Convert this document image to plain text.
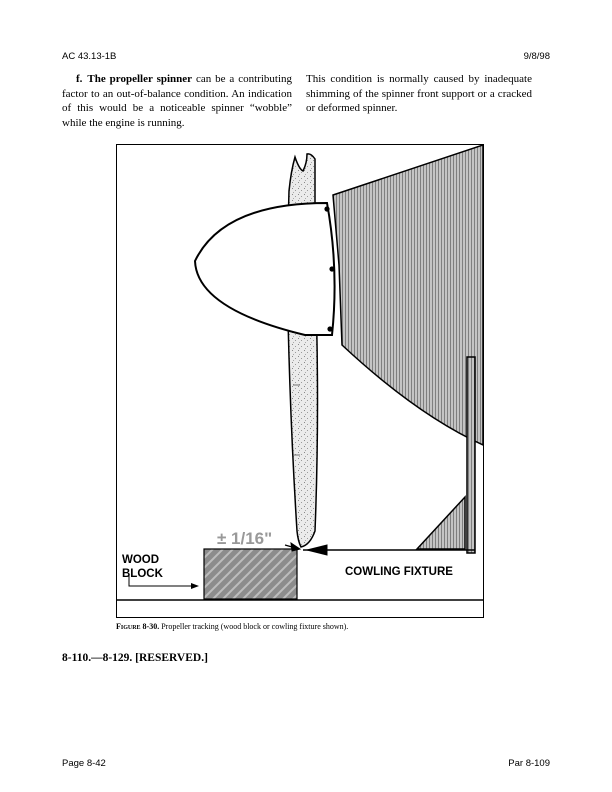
AC 43.13-1B	9/8/98
f. The propeller spinner can be a contributing factor to an out-of-balance condition. An indication of this would be a noticeable spinner “wobble” while the engine is running.
This condition is normally caused by inadequate shimming of the spinner front support or a cracked or deformed spinner.
± 1/16"
WOOD
BLOCK	COWLING FIXTURE
Figure 8-30. Propeller tracking (wood block or cowling fixture shown).
8-110.—8-129. [RESERVED.]
Page 8-42	Par 8-109
